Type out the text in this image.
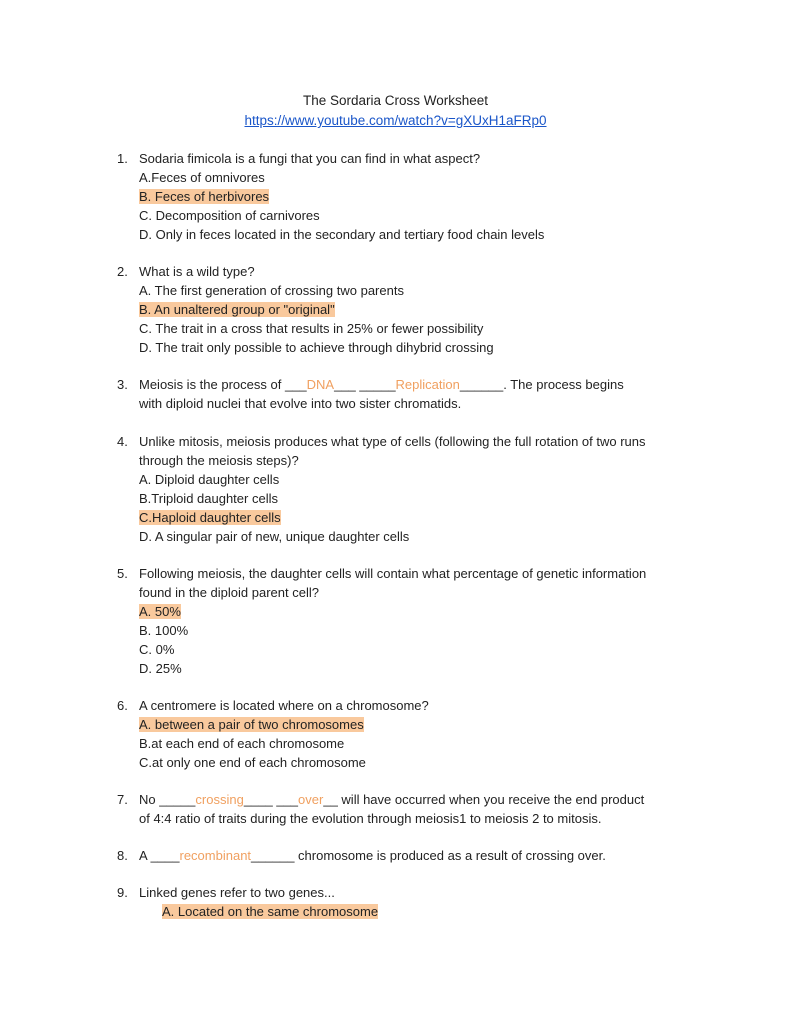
The Sordaria Cross Worksheet
https://www.youtube.com/watch?v=gXUxH1aFRp0
1. Sodaria fimicola is a fungi that you can find in what aspect?
A.Feces of omnivores
B. Feces of herbivores
C. Decomposition of carnivores
D. Only in feces located in the secondary and tertiary food chain levels
2. What is a wild type?
A. The first generation of crossing two parents
B. An unaltered group or "original"
C. The trait in a cross that results in 25% or fewer possibility
D. The trait only possible to achieve through dihybrid crossing
3. Meiosis is the process of ___DNA___ _____Replication______. The process begins
with diploid nuclei that evolve into two sister chromatids.
4. Unlike mitosis, meiosis produces what type of cells (following the full rotation of two runs
through the meiosis steps)?
A. Diploid daughter cells
B.Triploid daughter cells
C.Haploid daughter cells
D. A singular pair of new, unique daughter cells
5. Following meiosis, the daughter cells will contain what percentage of genetic information
found in the diploid parent cell?
A. 50%
B. 100%
C. 0%
D. 25%
6. A centromere is located where on a chromosome?
A. between a pair of two chromosomes
B.at each end of each chromosome
C.at only one end of each chromosome
7. No _____crossing____ ___over__ will have occurred when you receive the end product
of 4:4 ratio of traits during the evolution through meiosis1 to meiosis 2 to mitosis.
8. A ____recombinant______ chromosome is produced as a result of crossing over.
9. Linked genes refer to two genes...
A. Located on the same chromosome
